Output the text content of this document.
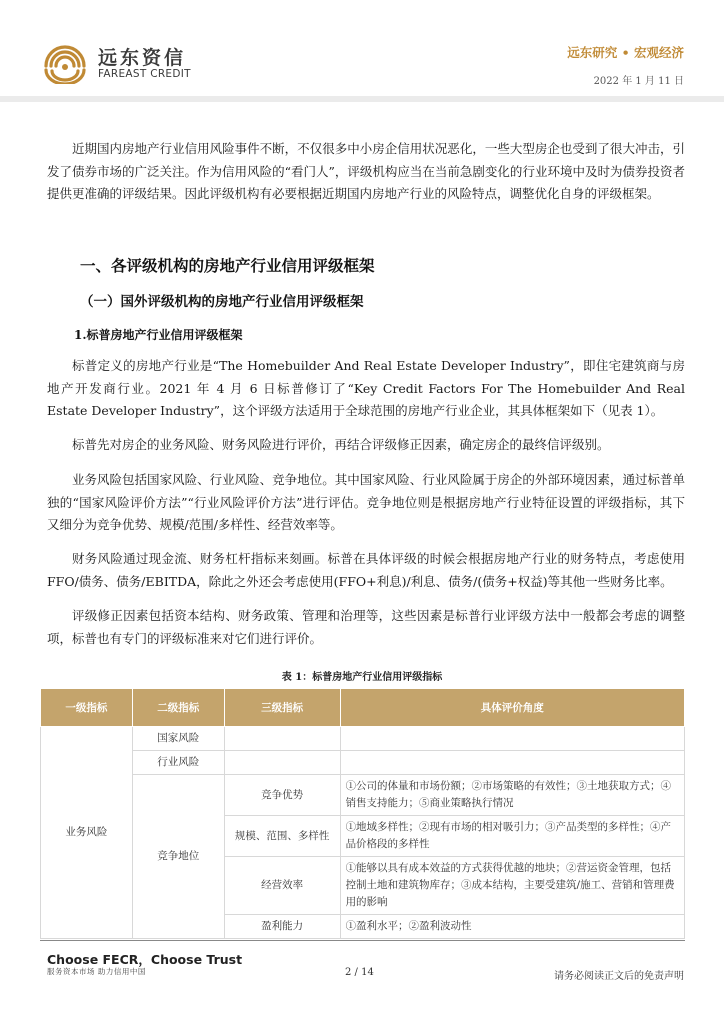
远东资信
FAREAST CREDIT
远东研究 • 宏观经济
2022 年 1 月 11 日

近期国内房地产行业信用风险事件不断，不仅很多中小房企信用状况恶化，一些大型房企也受到了很大冲击，引发了债券市场的广泛关注。作为信用风险的“看门人”，评级机构应当在当前急剧变化的行业环境中及时为债券投资者提供更准确的评级结果。因此评级机构有必要根据近期国内房地产行业的风险特点，调整优化自身的评级框架。

一、各评级机构的房地产行业信用评级框架
（一）国外评级机构的房地产行业信用评级框架
1.标普房地产行业信用评级框架

标普定义的房地产行业是“The Homebuilder And Real Estate Developer Industry”，即住宅建筑商与房地产开发商行业。2021 年 4 月 6 日标普修订了“Key Credit Factors For The Homebuilder And Real Estate Developer Industry”，这个评级方法适用于全球范围的房地产行业企业，其具体框架如下（见表 1）。

标普先对房企的业务风险、财务风险进行评价，再结合评级修正因素，确定房企的最终信评级别。

业务风险包括国家风险、行业风险、竞争地位。其中国家风险、行业风险属于房企的外部环境因素，通过标普单独的“国家风险评价方法”“行业风险评价方法”进行评估。竞争地位则是根据房地产行业特征设置的评级指标，其下又细分为竞争优势、规模/范围/多样性、经营效率等。

财务风险通过现金流、财务杠杆指标来刻画。标普在具体评级的时候会根据房地产行业的财务特点，考虑使用FFO/债务、债务/EBITDA，除此之外还会考虑使用(FFO+利息)/利息、债务/(债务+权益)等其他一些财务比率。

评级修正因素包括资本结构、财务政策、管理和治理等，这些因素是标普行业评级方法中一般都会考虑的调整项，标普也有专门的评级标准来对它们进行评价。

表 1：标普房地产行业信用评级指标
一级指标	二级指标	三级指标	具体评价角度
业务风险	国家风险		
	行业风险		
	竞争地位	竞争优势	①公司的体量和市场份额；②市场策略的有效性；③土地获取方式；④销售支持能力；⑤商业策略执行情况
		规模、范围、多样性	①地域多样性；②现有市场的相对吸引力；③产品类型的多样性；④产品价格段的多样性
		经营效率	①能够以具有成本效益的方式获得优越的地块；②营运资金管理，包括控制土地和建筑物库存；③成本结构，主要受建筑/施工、营销和管理费用的影响
		盈利能力	①盈利水平；②盈利波动性
Choose FECR，Choose Trust
服务资本市场 助力信用中国	2 / 14	请务必阅读正文后的免责声明
